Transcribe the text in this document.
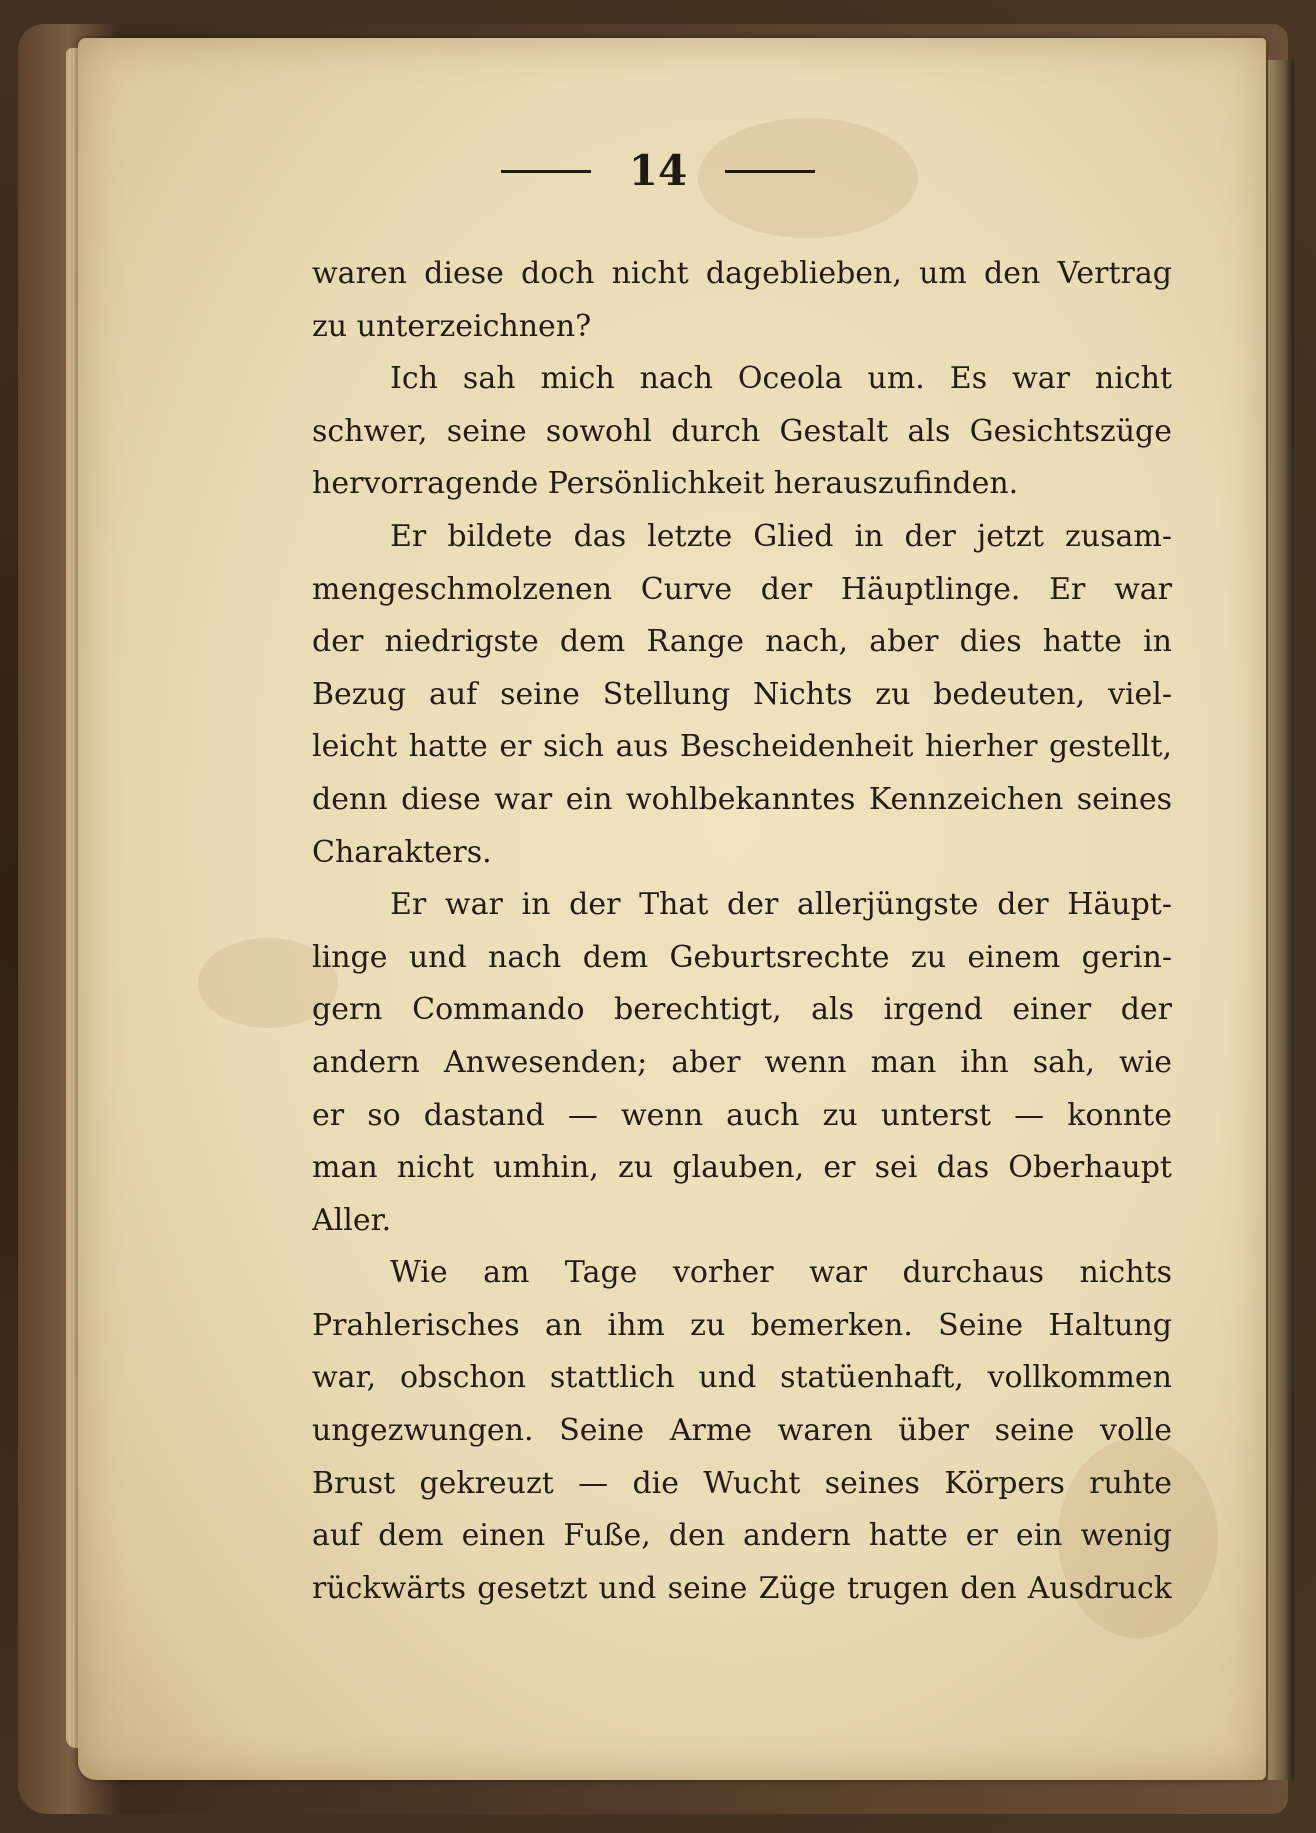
14
waren diese doch nicht dageblieben, um den Vertrag
zu unterzeichnen?
Ich sah mich nach Oceola um. Es war nicht
schwer, seine sowohl durch Gestalt als Gesichtszüge
hervorragende Persönlichkeit herauszufinden.
Er bildete das letzte Glied in der jetzt zusam-
mengeschmolzenen Curve der Häuptlinge. Er war
der niedrigste dem Range nach, aber dies hatte in
Bezug auf seine Stellung Nichts zu bedeuten, viel-
leicht hatte er sich aus Bescheidenheit hierher gestellt,
denn diese war ein wohlbekanntes Kennzeichen seines
Charakters.
Er war in der That der allerjüngste der Häupt-
linge und nach dem Geburtsrechte zu einem gerin-
gern Commando berechtigt, als irgend einer der
andern Anwesenden; aber wenn man ihn sah, wie
er so dastand — wenn auch zu unterst — konnte
man nicht umhin, zu glauben, er sei das Oberhaupt
Aller.
Wie am Tage vorher war durchaus nichts
Prahlerisches an ihm zu bemerken. Seine Haltung
war, obschon stattlich und statüenhaft, vollkommen
ungezwungen. Seine Arme waren über seine volle
Brust gekreuzt — die Wucht seines Körpers ruhte
auf dem einen Fuße, den andern hatte er ein wenig
rückwärts gesetzt und seine Züge trugen den Ausdruck
